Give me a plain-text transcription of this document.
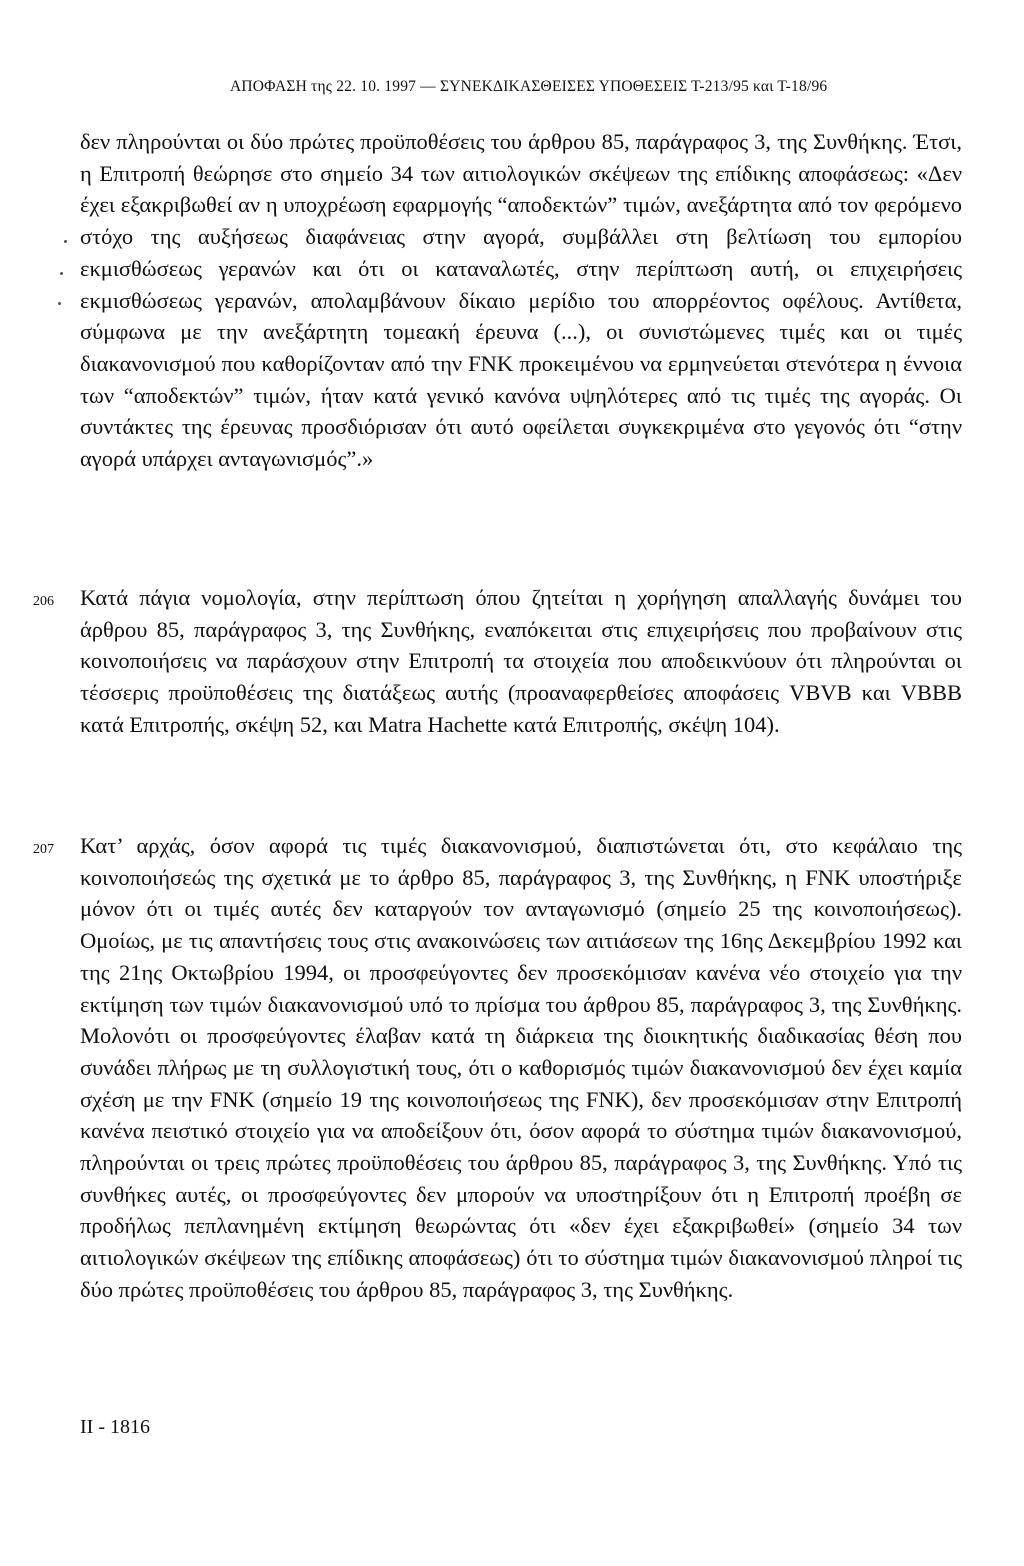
ΑΠΟΦΑΣΗ της 22. 10. 1997 — ΣΥΝΕΚΔΙΚΑΣΘΕΙΣΕΣ ΥΠΟΘΕΣΕΙΣ Τ-213/95 και Τ-18/96
δεν πληρούνται οι δύο πρώτες προϋποθέσεις του άρθρου 85, παράγραφος 3, της Συνθήκης. Έτσι, η Επιτροπή θεώρησε στο σημείο 34 των αιτιολογικών σκέψεων της επίδικης αποφάσεως: «Δεν έχει εξακριβωθεί αν η υποχρέωση εφαρμογής “αποδεκτών” τιμών, ανεξάρτητα από τον φερόμενο στόχο της αυξήσεως διαφάνειας στην αγορά, συμβάλλει στη βελτίωση του εμπορίου εκμισθώσεως γερανών και ότι οι καταναλωτές, στην περίπτωση αυτή, οι επιχειρήσεις εκμισθώσεως γερανών, απολαμβάνουν δίκαιο μερίδιο του απορρέοντος οφέλους. Αντίθετα, σύμφωνα με την ανεξάρτητη τομεακή έρευνα (...), οι συνιστώμενες τιμές και οι τιμές διακανονισμού που καθορίζονταν από την FNK προκειμένου να ερμηνεύεται στενότερα η έννοια των “αποδεκτών” τιμών, ήταν κατά γενικό κανόνα υψηλότερες από τις τιμές της αγοράς. Οι συντάκτες της έρευνας προσδιόρισαν ότι αυτό οφείλεται συγκεκριμένα στο γεγονός ότι “στην αγορά υπάρχει ανταγωνισμός”.»
206 Κατά πάγια νομολογία, στην περίπτωση όπου ζητείται η χορήγηση απαλλαγής δυνάμει του άρθρου 85, παράγραφος 3, της Συνθήκης, εναπόκειται στις επιχειρήσεις που προβαίνουν στις κοινοποιήσεις να παράσχουν στην Επιτροπή τα στοιχεία που αποδεικνύουν ότι πληρούνται οι τέσσερις προϋποθέσεις της διατάξεως αυτής (προαναφερθείσες αποφάσεις VBVB και VBBB κατά Επιτροπής, σκέψη 52, και Matra Hachette κατά Επιτροπής, σκέψη 104).
207 Κατ’ αρχάς, όσον αφορά τις τιμές διακανονισμού, διαπιστώνεται ότι, στο κεφάλαιο της κοινοποιήσεώς της σχετικά με το άρθρο 85, παράγραφος 3, της Συνθήκης, η FNK υποστήριξε μόνον ότι οι τιμές αυτές δεν καταργούν τον ανταγωνισμό (σημείο 25 της κοινοποιήσεως). Ομοίως, με τις απαντήσεις τους στις ανακοινώσεις των αιτιάσεων της 16ης Δεκεμβρίου 1992 και της 21ης Οκτωβρίου 1994, οι προσφεύγοντες δεν προσεκόμισαν κανένα νέο στοιχείο για την εκτίμηση των τιμών διακανονισμού υπό το πρίσμα του άρθρου 85, παράγραφος 3, της Συνθήκης. Μολονότι οι προσφεύγοντες έλαβαν κατά τη διάρκεια της διοικητικής διαδικασίας θέση που συνάδει πλήρως με τη συλλογιστική τους, ότι ο καθορισμός τιμών διακανονισμού δεν έχει καμία σχέση με την FNK (σημείο 19 της κοινοποιήσεως της FNK), δεν προσεκόμισαν στην Επιτροπή κανένα πειστικό στοιχείο για να αποδείξουν ότι, όσον αφορά το σύστημα τιμών διακανονισμού, πληρούνται οι τρεις πρώτες προϋποθέσεις του άρθρου 85, παράγραφος 3, της Συνθήκης. Υπό τις συνθήκες αυτές, οι προσφεύγοντες δεν μπορούν να υποστηρίξουν ότι η Επιτροπή προέβη σε προδήλως πεπλανημένη εκτίμηση θεωρώντας ότι «δεν έχει εξακριβωθεί» (σημείο 34 των αιτιολογικών σκέψεων της επίδικης αποφάσεως) ότι το σύστημα τιμών διακανονισμού πληροί τις δύο πρώτες προϋποθέσεις του άρθρου 85, παράγραφος 3, της Συνθήκης.
II - 1816
